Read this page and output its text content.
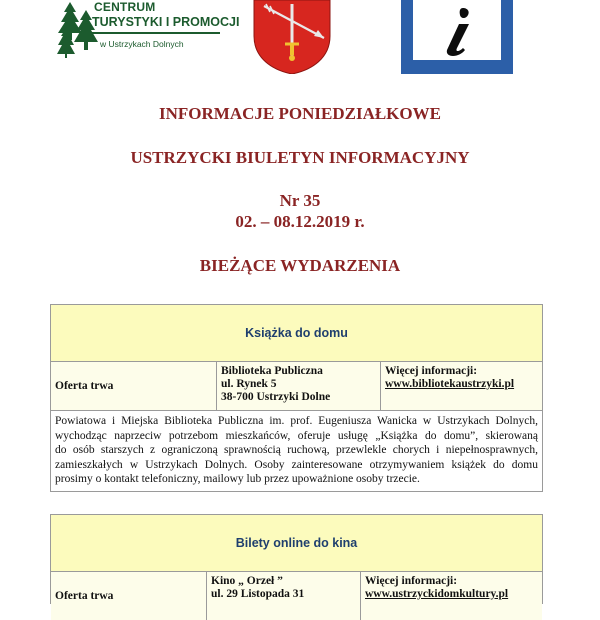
CENTRUM
TURYSTYKI I PROMOCJI
w Ustrzykach Dolnych
INFORMACJE PONIEDZIAŁKOWE
USTRZYCKI BIULETYN INFORMACYJNY
Nr 35
02. – 08.12.2019 r.
BIEŻĄCE WYDARZENIA
Książka do domu
Oferta trwa
Biblioteka Publiczna
ul. Rynek 5
38-700 Ustrzyki Dolne
Więcej informacji:
www.bibliotekaustrzyki.pl
Powiatowa i Miejska Biblioteka Publiczna im. prof. Eugeniusza Wanicka w Ustrzykach Dolnych,
wychodząc naprzeciw potrzebom mieszkańców, oferuje usługę „Książka do domu”, skierowaną
do osób starszych z ograniczoną sprawnością ruchową, przewlekle chorych i niepełnosprawnych,
zamieszkałych w Ustrzykach Dolnych. Osoby zainteresowane otrzymywaniem książek do domu
prosimy o kontakt telefoniczny, mailowy lub przez upoważnione osoby trzecie.
Bilety online do kina
Oferta trwa
Kino „ Orzeł ”
ul. 29 Listopada 31
Więcej informacji:
www.ustrzyckidomkultury.pl
